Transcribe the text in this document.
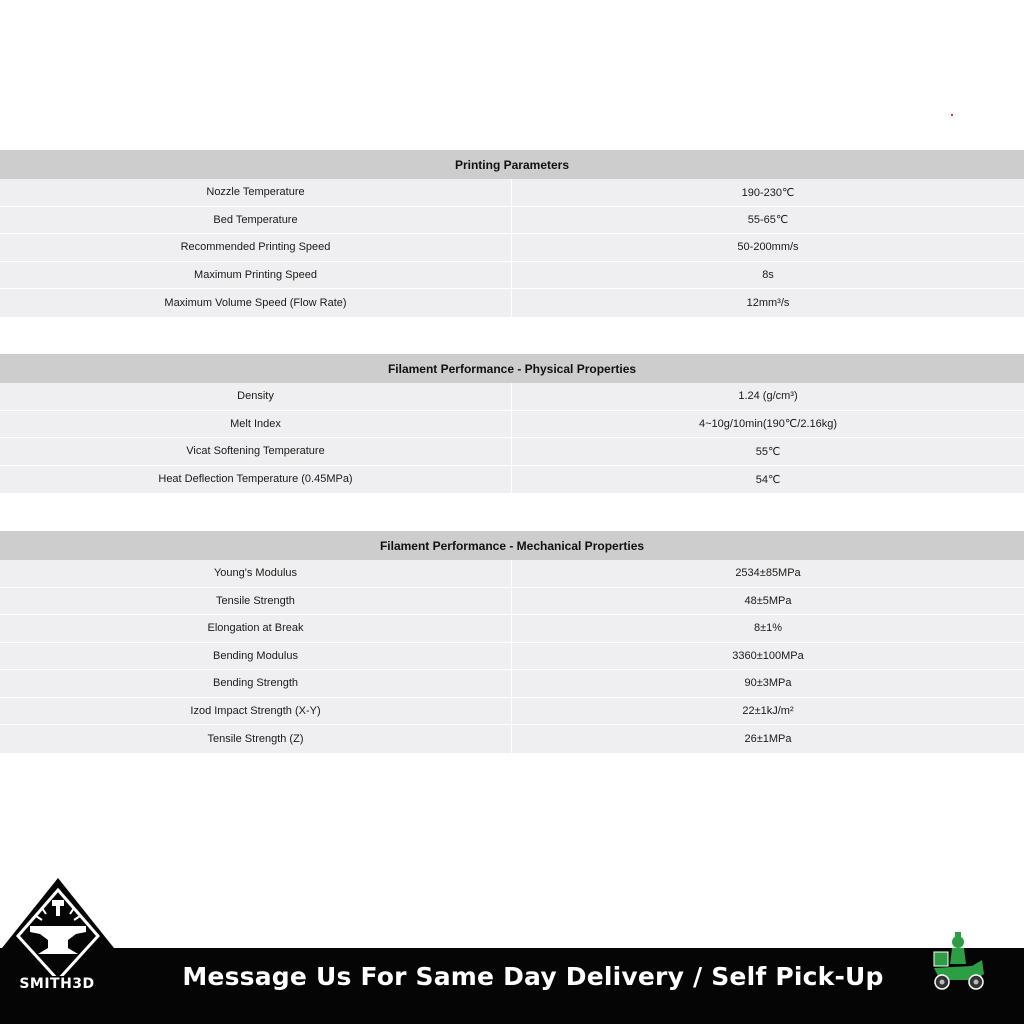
Printing Parameters
Nozzle Temperature	190-230℃
Bed Temperature	55-65℃
Recommended Printing Speed	50-200mm/s
Maximum Printing Speed	8s
Maximum Volume Speed (Flow Rate)	12mm³/s
Filament Performance - Physical Properties
Density	1.24 (g/cm³)
Melt Index	4~10g/10min(190℃/2.16kg)
Vicat Softening Temperature	55℃
Heat Deflection Temperature (0.45MPa)	54℃
Filament Performance - Mechanical Properties
Young's Modulus	2534±85MPa
Tensile Strength	48±5MPa
Elongation at Break	8±1%
Bending Modulus	3360±100MPa
Bending Strength	90±3MPa
Izod Impact Strength (X-Y)	22±1kJ/m²
Tensile Strength (Z)	26±1MPa
SMITH3D	Message Us For Same Day Delivery / Self Pick-Up
